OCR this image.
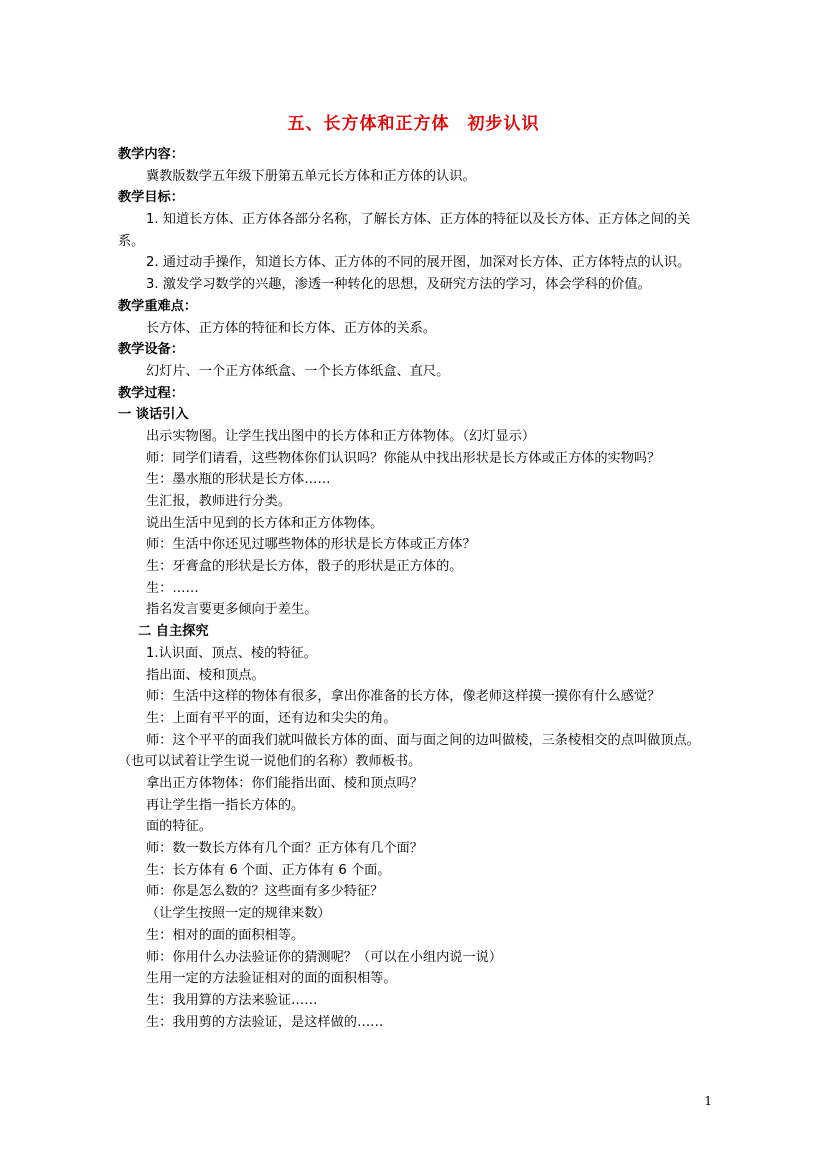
五、长方体和正方体　初步认识
教学内容：
冀教版数学五年级下册第五单元长方体和正方体的认识。
教学目标：
1. 知道长方体、正方体各部分名称，了解长方体、正方体的特征以及长方体、正方体之间的关系。
2. 通过动手操作，知道长方体、正方体的不同的展开图，加深对长方体、正方体特点的认识。
3. 激发学习数学的兴趣，渗透一种转化的思想，及研究方法的学习，体会学科的价值。
教学重难点：
长方体、正方体的特征和长方体、正方体的关系。
教学设备：
幻灯片、一个正方体纸盒、一个长方体纸盒、直尺。
教学过程：
一 谈话引入
出示实物图。让学生找出图中的长方体和正方体物体。（幻灯显示）
师：同学们请看，这些物体你们认识吗？你能从中找出形状是长方体或正方体的实物吗？
生：墨水瓶的形状是长方体……
生汇报，教师进行分类。
说出生活中见到的长方体和正方体物体。
师：生活中你还见过哪些物体的形状是长方体或正方体？
生：牙膏盒的形状是长方体，骰子的形状是正方体的。
生：……
指名发言要更多倾向于差生。
二 自主探究
1.认识面、顶点、棱的特征。
指出面、棱和顶点。
师：生活中这样的物体有很多，拿出你准备的长方体，像老师这样摸一摸你有什么感觉？
生：上面有平平的面，还有边和尖尖的角。
师：这个平平的面我们就叫做长方体的面、面与面之间的边叫做棱，三条棱相交的点叫做顶点。（也可以试着让学生说一说他们的名称）教师板书。
拿出正方体物体：你们能指出面、棱和顶点吗？
再让学生指一指长方体的。
面的特征。
师：数一数长方体有几个面？正方体有几个面？
生：长方体有 6 个面、正方体有 6 个面。
师：你是怎么数的？这些面有多少特征？
（让学生按照一定的规律来数）
生：相对的面的面积相等。
师：你用什么办法验证你的猜测呢？（可以在小组内说一说）
生用一定的方法验证相对的面的面积相等。
生：我用算的方法来验证……
生：我用剪的方法验证，是这样做的……
1
